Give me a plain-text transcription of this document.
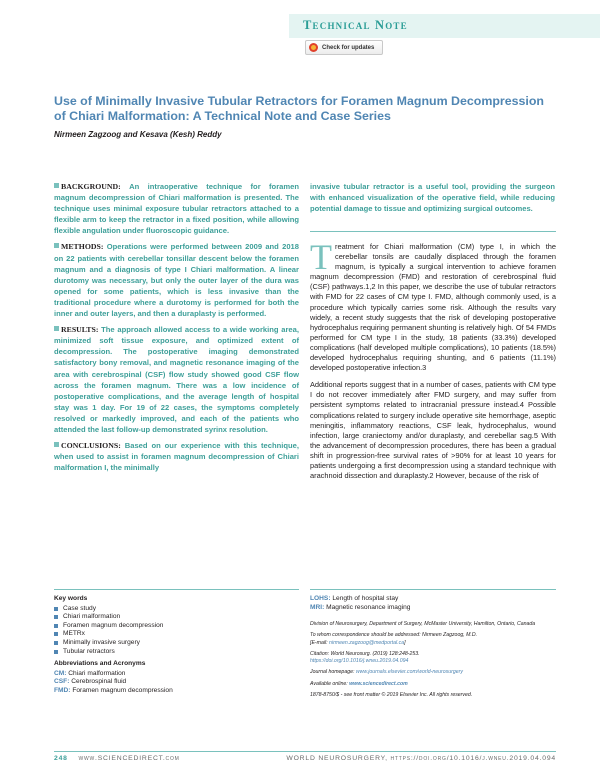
Technical Note
Check for updates
Use of Minimally Invasive Tubular Retractors for Foramen Magnum Decompression of Chiari Malformation: A Technical Note and Case Series
Nirmeen Zagzoog and Kesava (Kesh) Reddy

BACKGROUND: An intraoperative technique for foramen magnum decompression of Chiari malformation is presented. The technique uses minimal exposure tubular retractors attached to a flexible arm to keep the retractor in a fixed position, while allowing flexible angulation under fluoroscopic guidance.

METHODS: Operations were performed between 2009 and 2018 on 22 patients with cerebellar tonsillar descent below the foramen magnum and a diagnosis of type I Chiari malformation. A linear durotomy was necessary, but only the outer layer of the dura was opened for some patients, which is less invasive than the traditional procedure where a durotomy is performed for both the inner and outer layers, and then a duraplasty is performed.

RESULTS: The approach allowed access to a wide working area, minimized soft tissue exposure, and optimized extent of decompression. The postoperative imaging demonstrated satisfactory bony removal, and magnetic resonance imaging of the area with cerebrospinal (CSF) flow study showed good CSF flow across the foramen magnum. There was a low incidence of postoperative complications, and the average length of hospital stay was 1 day. For 19 of 22 cases, the symptoms completely resolved or markedly improved, and each of the patients who attended the last follow-up demonstrated syrinx resolution.

CONCLUSIONS: Based on our experience with this technique, when used to assist in foramen magnum decompression of Chiari malformation I, the minimally

invasive tubular retractor is a useful tool, providing the surgeon with enhanced visualization of the operative field, while reducing potential damage to tissue and optimizing surgical outcomes.

Treatment for Chiari malformation (CM) type I, in which the cerebellar tonsils are caudally displaced through the foramen magnum, is typically a surgical intervention to achieve foramen magnum decompression (FMD) and restoration of cerebrospinal fluid (CSF) pathways.1,2 In this paper, we describe the use of tubular retractors with FMD for 22 cases of CM type I. FMD, although commonly used, is a procedure which typically carries some risk. Although the results vary widely, a recent study suggests that the risk of developing postoperative hydrocephalus requiring permanent shunting is relatively high. Of 54 FMDs performed for CM type I in the study, 18 patients (33.3%) developed complications (half developed multiple complications), 10 patients (18.5%) developed hydrocephalus requiring shunting, and 6 patients (11.1%) developed postoperative infection.3

Additional reports suggest that in a number of cases, patients with CM type I do not recover immediately after FMD surgery, and may suffer from persistent symptoms related to intracranial pressure instead.4 Possible complications related to surgery include operative site hemorrhage, aseptic meningitis, inflammatory reactions, CSF leak, hydrocephalus, wound infection, large craniectomy and/or duraplasty, and cerebellar sag.5 With the advancement of decompression procedures, there has been a gradual shift in progression-free survival rates of >90% for at least 10 years for patients undergoing a first decompression using a standard technique with arachnoid dissection and duraplasty.2 However, because of the risk of

Key words
Case study
Chiari malformation
Foramen magnum decompression
METRx
Minimally invasive surgery
Tubular retractors
Abbreviations and Acronyms
CM: Chiari malformation
CSF: Cerebrospinal fluid
FMD: Foramen magnum decompression
LOHS: Length of hospital stay
MRI: Magnetic resonance imaging

Division of Neurosurgery, Department of Surgery, McMaster University, Hamilton, Ontario, Canada

To whom correspondence should be addressed: Nirmeen Zagzoog, M.D.
[E-mail: nirmeen.zagzoog@medportal.ca]

Citation: World Neurosurg. (2019) 128:248-253.
https://doi.org/10.1016/j.wneu.2019.04.094

Journal homepage: www.journals.elsevier.com/world-neurosurgery

Available online: www.sciencedirect.com

1878-8750/$ - see front matter © 2019 Elsevier Inc. All rights reserved.

248 www.SCIENCEDIRECT.com	WORLD NEUROSURGERY, https://doi.org/10.1016/j.wneu.2019.04.094
